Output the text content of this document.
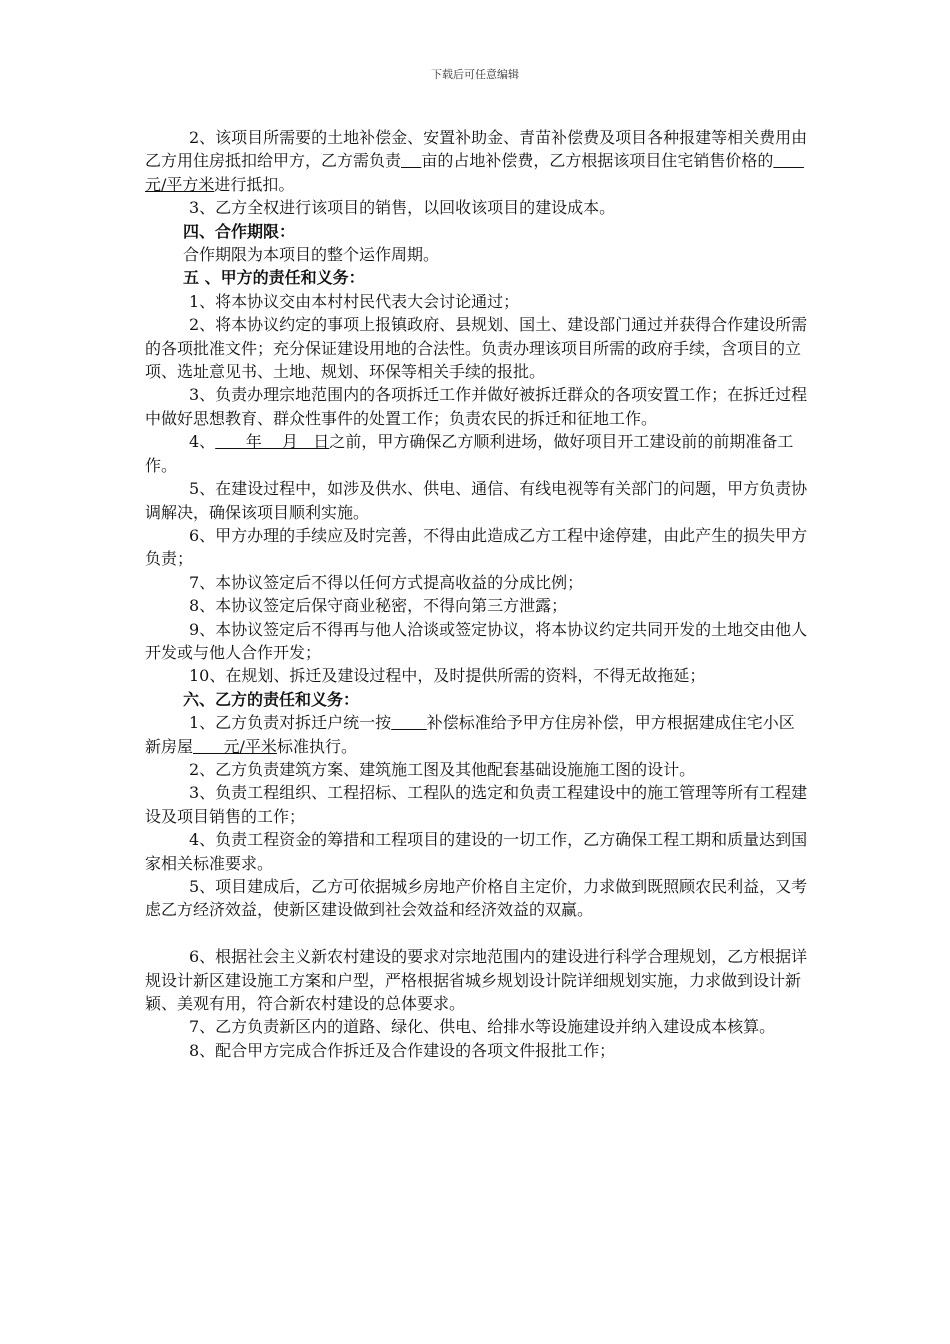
下载后可任意编辑

2、该项目所需要的土地补偿金、安置补助金、青苗补偿费及项目各种报建等相关费用由乙方用住房抵扣给甲方，乙方需负责 亩的占地补偿费，乙方根据该项目住宅销售价格的      元/平方米进行抵扣。

3、乙方全权进行该项目的销售，以回收该项目的建设成本。

四、合作期限：

合作期限为本项目的整个运作周期。

五 、甲方的责任和义务：

1、将本协议交由本村村民代表大会讨论通过；

2、将本协议约定的事项上报镇政府、县规划、国土、建设部门通过并获得合作建设所需的各项批准文件；充分保证建设用地的合法性。负责办理该项目所需的政府手续，含项目的立项、选址意见书、土地、规划、环保等相关手续的报批。

3、负责办理宗地范围内的各项拆迁工作并做好被拆迁群众的各项安置工作；在拆迁过程中做好思想教育、群众性事件的处置工作；负责农民的拆迁和征地工作。

4、      年    月   日之前，甲方确保乙方顺利进场，做好项目开工建设前的前期准备工作。

5、在建设过程中，如涉及供水、供电、通信、有线电视等有关部门的问题，甲方负责协调解决，确保该项目顺利实施。

6、甲方办理的手续应及时完善，不得由此造成乙方工程中途停建，由此产生的损失甲方负责；

7、本协议签定后不得以任何方式提高收益的分成比例；

8、本协议签定后保守商业秘密，不得向第三方泄露；

9、本协议签定后不得再与他人洽谈或签定协议，将本协议约定共同开发的土地交由他人开发或与他人合作开发；

10、在规划、拆迁及建设过程中，及时提供所需的资料，不得无故拖延；

六、乙方的责任和义务：

1、乙方负责对拆迁户统一按 补偿标准给予甲方住房补偿，甲方根据建成住宅小区新房屋      元/平米标准执行。

2、乙方负责建筑方案、建筑施工图及其他配套基础设施施工图的设计。

3、负责工程组织、工程招标、工程队的选定和负责工程建设中的施工管理等所有工程建设及项目销售的工作；

4、负责工程资金的筹措和工程项目的建设的一切工作，乙方确保工程工期和质量达到国家相关标准要求。

5、项目建成后，乙方可依据城乡房地产价格自主定价，力求做到既照顾农民利益，又考虑乙方经济效益，使新区建设做到社会效益和经济效益的双赢。

6、根据社会主义新农村建设的要求对宗地范围内的建设进行科学合理规划，乙方根据详规设计新区建设施工方案和户型，严格根据省城乡规划设计院详细规划实施，力求做到设计新颖、美观有用，符合新农村建设的总体要求。

7、乙方负责新区内的道路、绿化、供电、给排水等设施建设并纳入建设成本核算。

8、配合甲方完成合作拆迁及合作建设的各项文件报批工作；
